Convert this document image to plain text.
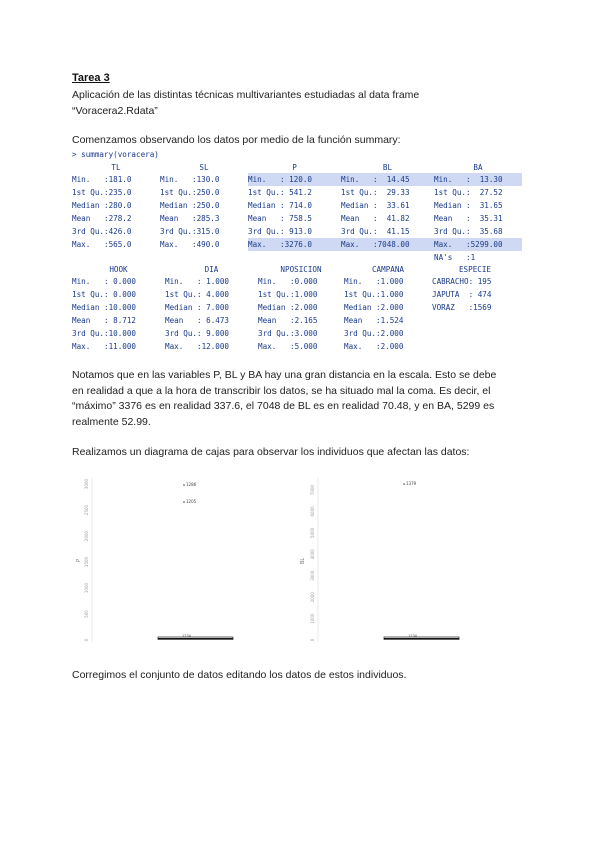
Tarea 3
Aplicación de las distintas técnicas multivariantes estudiadas al data frame
“Voracera2.Rdata”
Comenzamos observando los datos por medio de la función summary:
> summary(voracera)
TL	SL	P	BL	BA
Min.   :181.0	Min.   :130.0	Min.   : 120.0	Min.   :  14.45	Min.   :  13.30
1st Qu.:235.0	1st Qu.:250.0	1st Qu.: 541.2	1st Qu.:  29.33	1st Qu.:  27.52
Median :280.0	Median :250.0	Median : 714.0	Median :  33.61	Median :  31.65
Mean   :278.2	Mean   :285.3	Mean   : 758.5	Mean   :  41.82	Mean   :  35.31
3rd Qu.:426.0	3rd Qu.:315.0	3rd Qu.: 913.0	3rd Qu.:  41.15	3rd Qu.:  35.68
Max.   :565.0	Max.   :490.0	Max.   :3276.0	Max.   :7048.00	Max.   :5299.00
				NA's   :1
HOOK	DIA	NPOSICION	CAMPANA	ESPECIE
Min.   : 0.000	Min.   : 1.000	Min.   :0.000	Min.   :1.000	CABRACHO: 195
1st Qu.: 0.000	1st Qu.: 4.000	1st Qu.:1.000	1st Qu.:1.000	JAPUTA  : 474
Median :10.000	Median : 7.000	Median :2.000	Median :2.000	VORAZ   :1569
Mean   : 8.712	Mean   : 6.473	Mean   :2.165	Mean   :1.524	
3rd Qu.:10.000	3rd Qu.: 9.000	3rd Qu.:3.000	3rd Qu.:2.000	
Max.   :11.000	Max.   :12.000	Max.   :5.000	Max.   :2.000	
Notamos que en las variables P, BL y BA hay una gran distancia en la escala. Esto se debe
en realidad a que a la hora de transcribir los datos, se ha situado mal la coma. Es decir, el
“máximo” 3376 es en realidad 337.6, el 7048 de BL es en realidad 70.48, y en BA, 5299 es
realmente 52.99.
Realizamos un diagrama de cajas para observar los individuos que afectan las datos:
P
3000
2500
2000
1500
1000
500
0
1286
1205
1234
BL
7000
6000
5000
4000
3000
2000
1000
0
1379
1234
Corregimos el conjunto de datos editando los datos de estos individuos.
